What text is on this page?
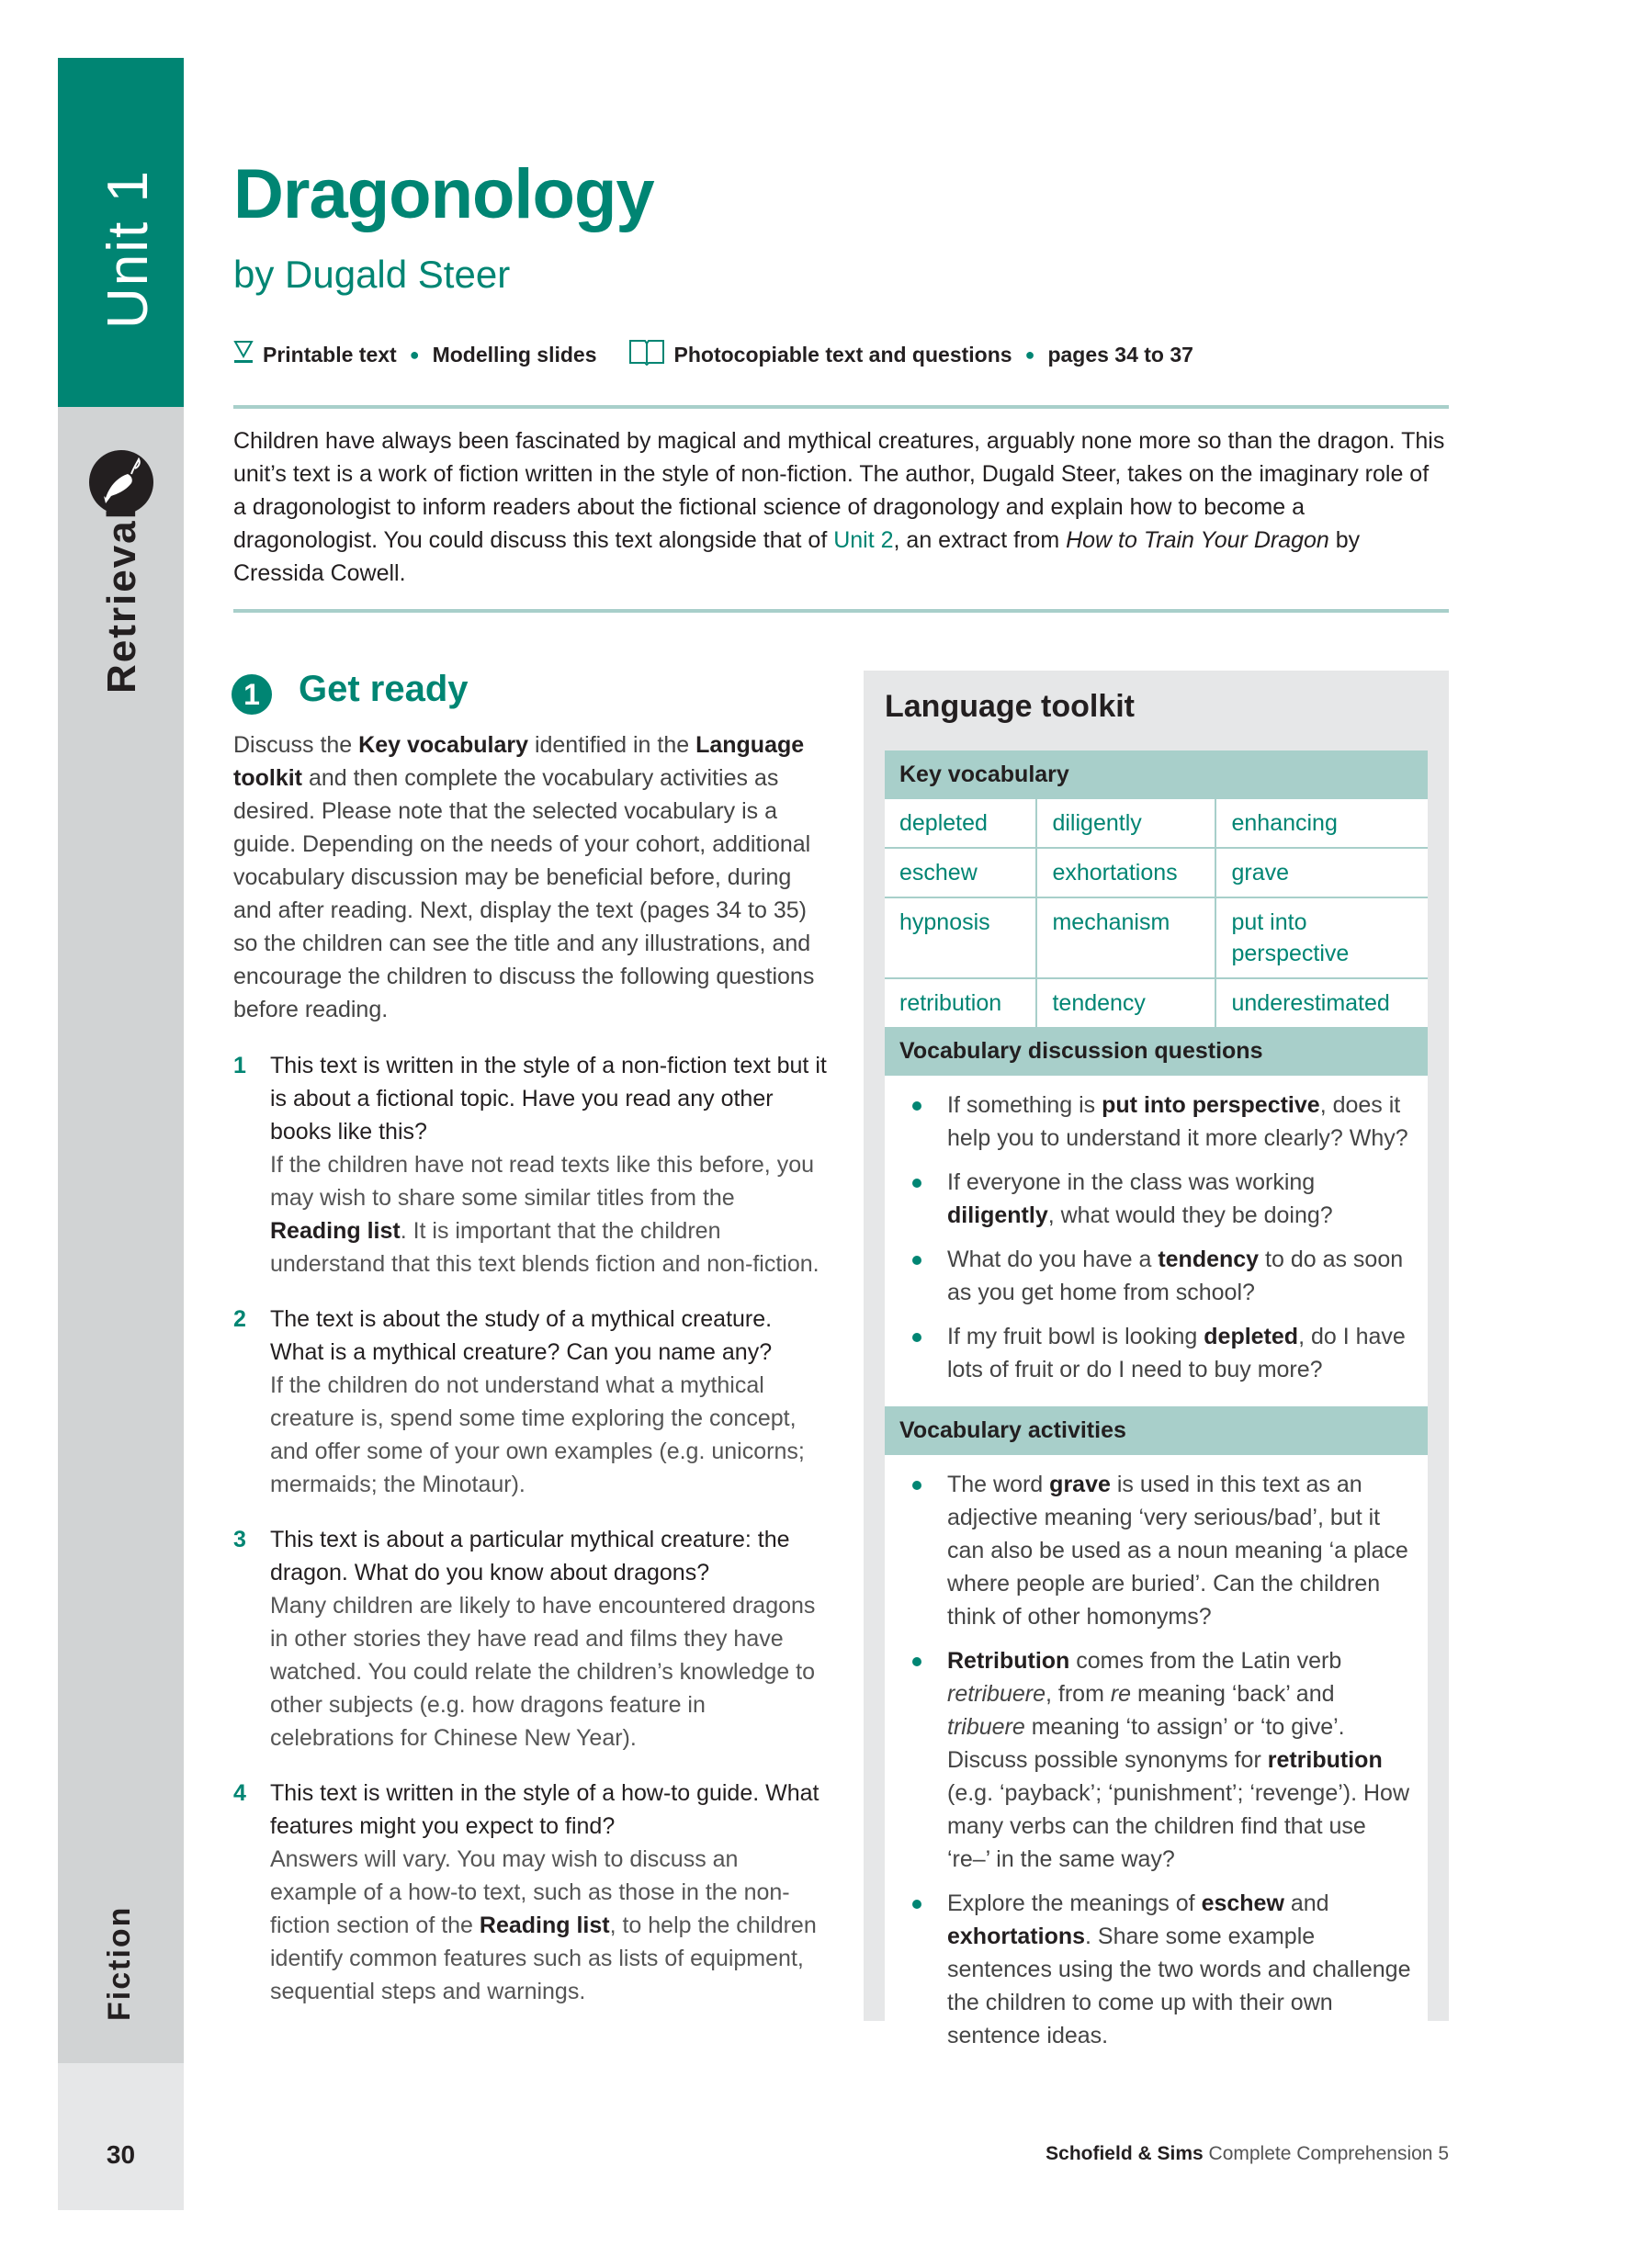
Unit 1
Retrieval
Fiction
30
Dragonology
by Dugald Steer
Printable text ● Modelling slides	Photocopiable text and questions ● pages 34 to 37
Children have always been fascinated by magical and mythical creatures, arguably none more so than the dragon. This unit’s text is a work of fiction written in the style of non-fiction. The author, Dugald Steer, takes on the imaginary role of a dragonologist to inform readers about the fictional science of dragonology and explain how to become a dragonologist. You could discuss this text alongside that of Unit 2, an extract from How to Train Your Dragon by Cressida Cowell.
1	Get ready
Discuss the Key vocabulary identified in the Language toolkit and then complete the vocabulary activities as desired. Please note that the selected vocabulary is a guide. Depending on the needs of your cohort, additional vocabulary discussion may be beneficial before, during and after reading. Next, display the text (pages 34 to 35) so the children can see the title and any illustrations, and encourage the children to discuss the following questions before reading.
1 This text is written in the style of a non-fiction text but it is about a fictional topic. Have you read any other books like this?
If the children have not read texts like this before, you may wish to share some similar titles from the Reading list. It is important that the children understand that this text blends fiction and non-fiction.
2 The text is about the study of a mythical creature. What is a mythical creature? Can you name any?
If the children do not understand what a mythical creature is, spend some time exploring the concept, and offer some of your own examples (e.g. unicorns; mermaids; the Minotaur).
3 This text is about a particular mythical creature: the dragon. What do you know about dragons?
Many children are likely to have encountered dragons in other stories they have read and films they have watched. You could relate the children’s knowledge to other subjects (e.g. how dragons feature in celebrations for Chinese New Year).
4 This text is written in the style of a how-to guide. What features might you expect to find?
Answers will vary. You may wish to discuss an example of a how-to text, such as those in the non-fiction section of the Reading list, to help the children identify common features such as lists of equipment, sequential steps and warnings.
Language toolkit
Key vocabulary
depleted	diligently	enhancing
eschew	exhortations	grave
hypnosis	mechanism	put into perspective
retribution	tendency	underestimated
Vocabulary discussion questions
If something is put into perspective, does it help you to understand it more clearly? Why?
If everyone in the class was working diligently, what would they be doing?
What do you have a tendency to do as soon as you get home from school?
If my fruit bowl is looking depleted, do I have lots of fruit or do I need to buy more?
Vocabulary activities
The word grave is used in this text as an adjective meaning ‘very serious/bad’, but it can also be used as a noun meaning ‘a place where people are buried’. Can the children think of other homonyms?
Retribution comes from the Latin verb retribuere, from re meaning ‘back’ and tribuere meaning ‘to assign’ or ‘to give’. Discuss possible synonyms for retribution (e.g. ‘payback’; ‘punishment’; ‘revenge’). How many verbs can the children find that use ‘re–’ in the same way?
Explore the meanings of eschew and exhortations. Share some example sentences using the two words and challenge the children to come up with their own sentence ideas.
Schofield & Sims Complete Comprehension 5
